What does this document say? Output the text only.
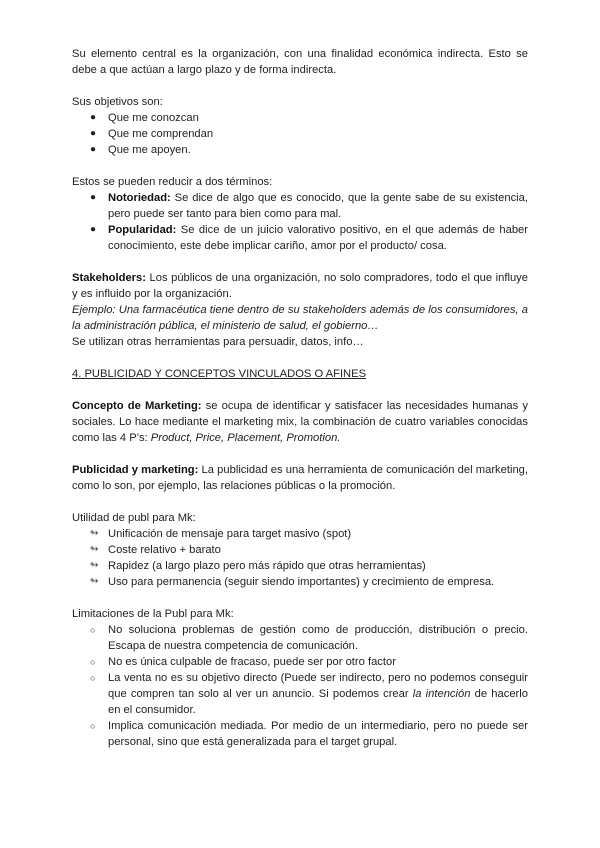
Su elemento central es la organización, con una finalidad económica indirecta. Esto se debe a que actúan a largo plazo y de forma indirecta.

Sus objetivos son:

● Que me conozcan
● Que me comprendan
● Que me apoyen.

Estos se pueden reducir a dos términos:

● Notoriedad: Se dice de algo que es conocido, que la gente sabe de su existencia, pero puede ser tanto para bien como para mal.
● Popularidad: Se dice de un juicio valorativo positivo, en el que además de haber conocimiento, este debe implicar cariño, amor por el producto/ cosa.

Stakeholders: Los públicos de una organización, no solo compradores, todo el que influye y es influido por la organización.

Ejemplo: Una farmacéutica tiene dentro de su stakeholders además de los consumidores, a la administración pública, el ministerio de salud, el gobierno…

Se utilizan otras herramientas para persuadir, datos, info…

4. PUBLICIDAD Y CONCEPTOS VINCULADOS O AFINES

Concepto de Marketing: se ocupa de identificar y satisfacer las necesidades humanas y sociales. Lo hace mediante el marketing mix, la combinación de cuatro variables conocidas como las 4 P’s: Product, Price, Placement, Promotion.

Publicidad y marketing: La publicidad es una herramienta de comunicación del marketing, como lo son, por ejemplo, las relaciones públicas o la promoción.

Utilidad de publ para Mk:

↬ Unificación de mensaje para target masivo (spot)
↬ Coste relativo + barato
↬ Rapidez (a largo plazo pero más rápido que otras herramientas)
↬ Uso para permanencia (seguir siendo importantes) y crecimiento de empresa.

Limitaciones de la Publ para Mk:

○ No soluciona problemas de gestión como de producción, distribución o precio. Escapa de nuestra competencia de comunicación.
○ No es única culpable de fracaso, puede ser por otro factor
○ La venta no es su objetivo directo (Puede ser indirecto, pero no podemos conseguir que compren tan solo al ver un anuncio. Si podemos crear la intención de hacerlo en el consumidor.
○ Implica comunicación mediada. Por medio de un intermediario, pero no puede ser personal, sino que está generalizada para el target grupal.
